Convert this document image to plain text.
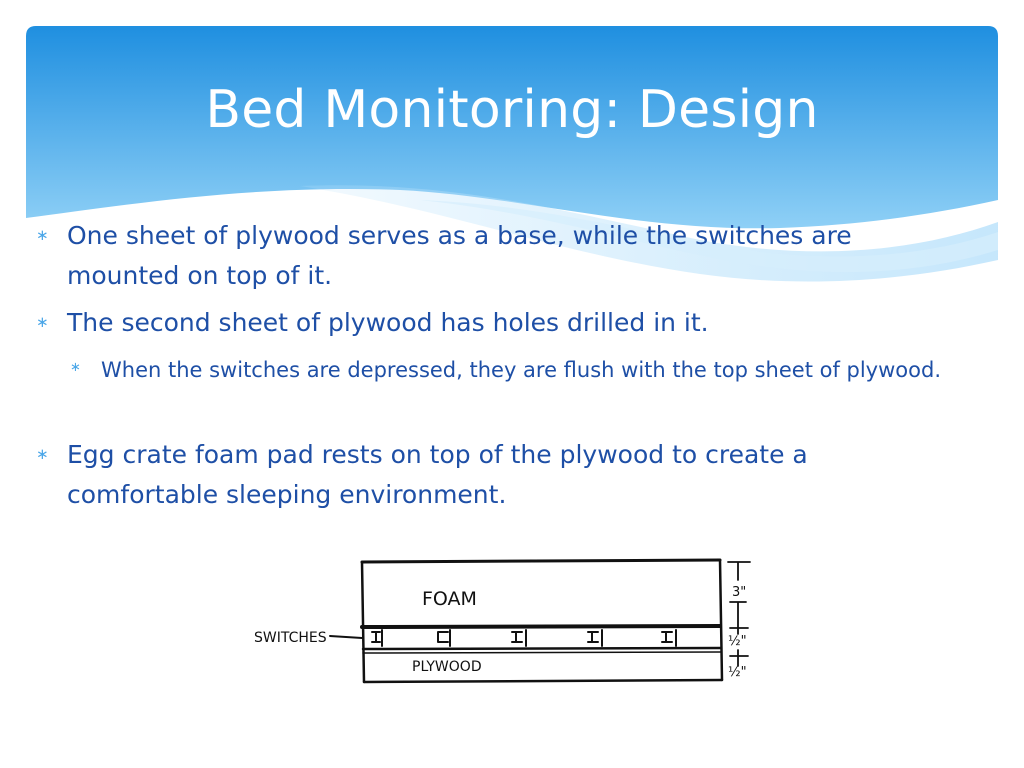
Bed Monitoring: Design
∗ One sheet of plywood serves as a base, while the switches are mounted on top of it.
∗ The second sheet of plywood has holes drilled in it.
∗ When the switches are depressed, they are flush with the top sheet of plywood.
∗ Egg crate foam pad rests on top of the plywood to create a comfortable sleeping environment.
FOAM
SWITCHES
PLYWOOD
3"
½"
½"
